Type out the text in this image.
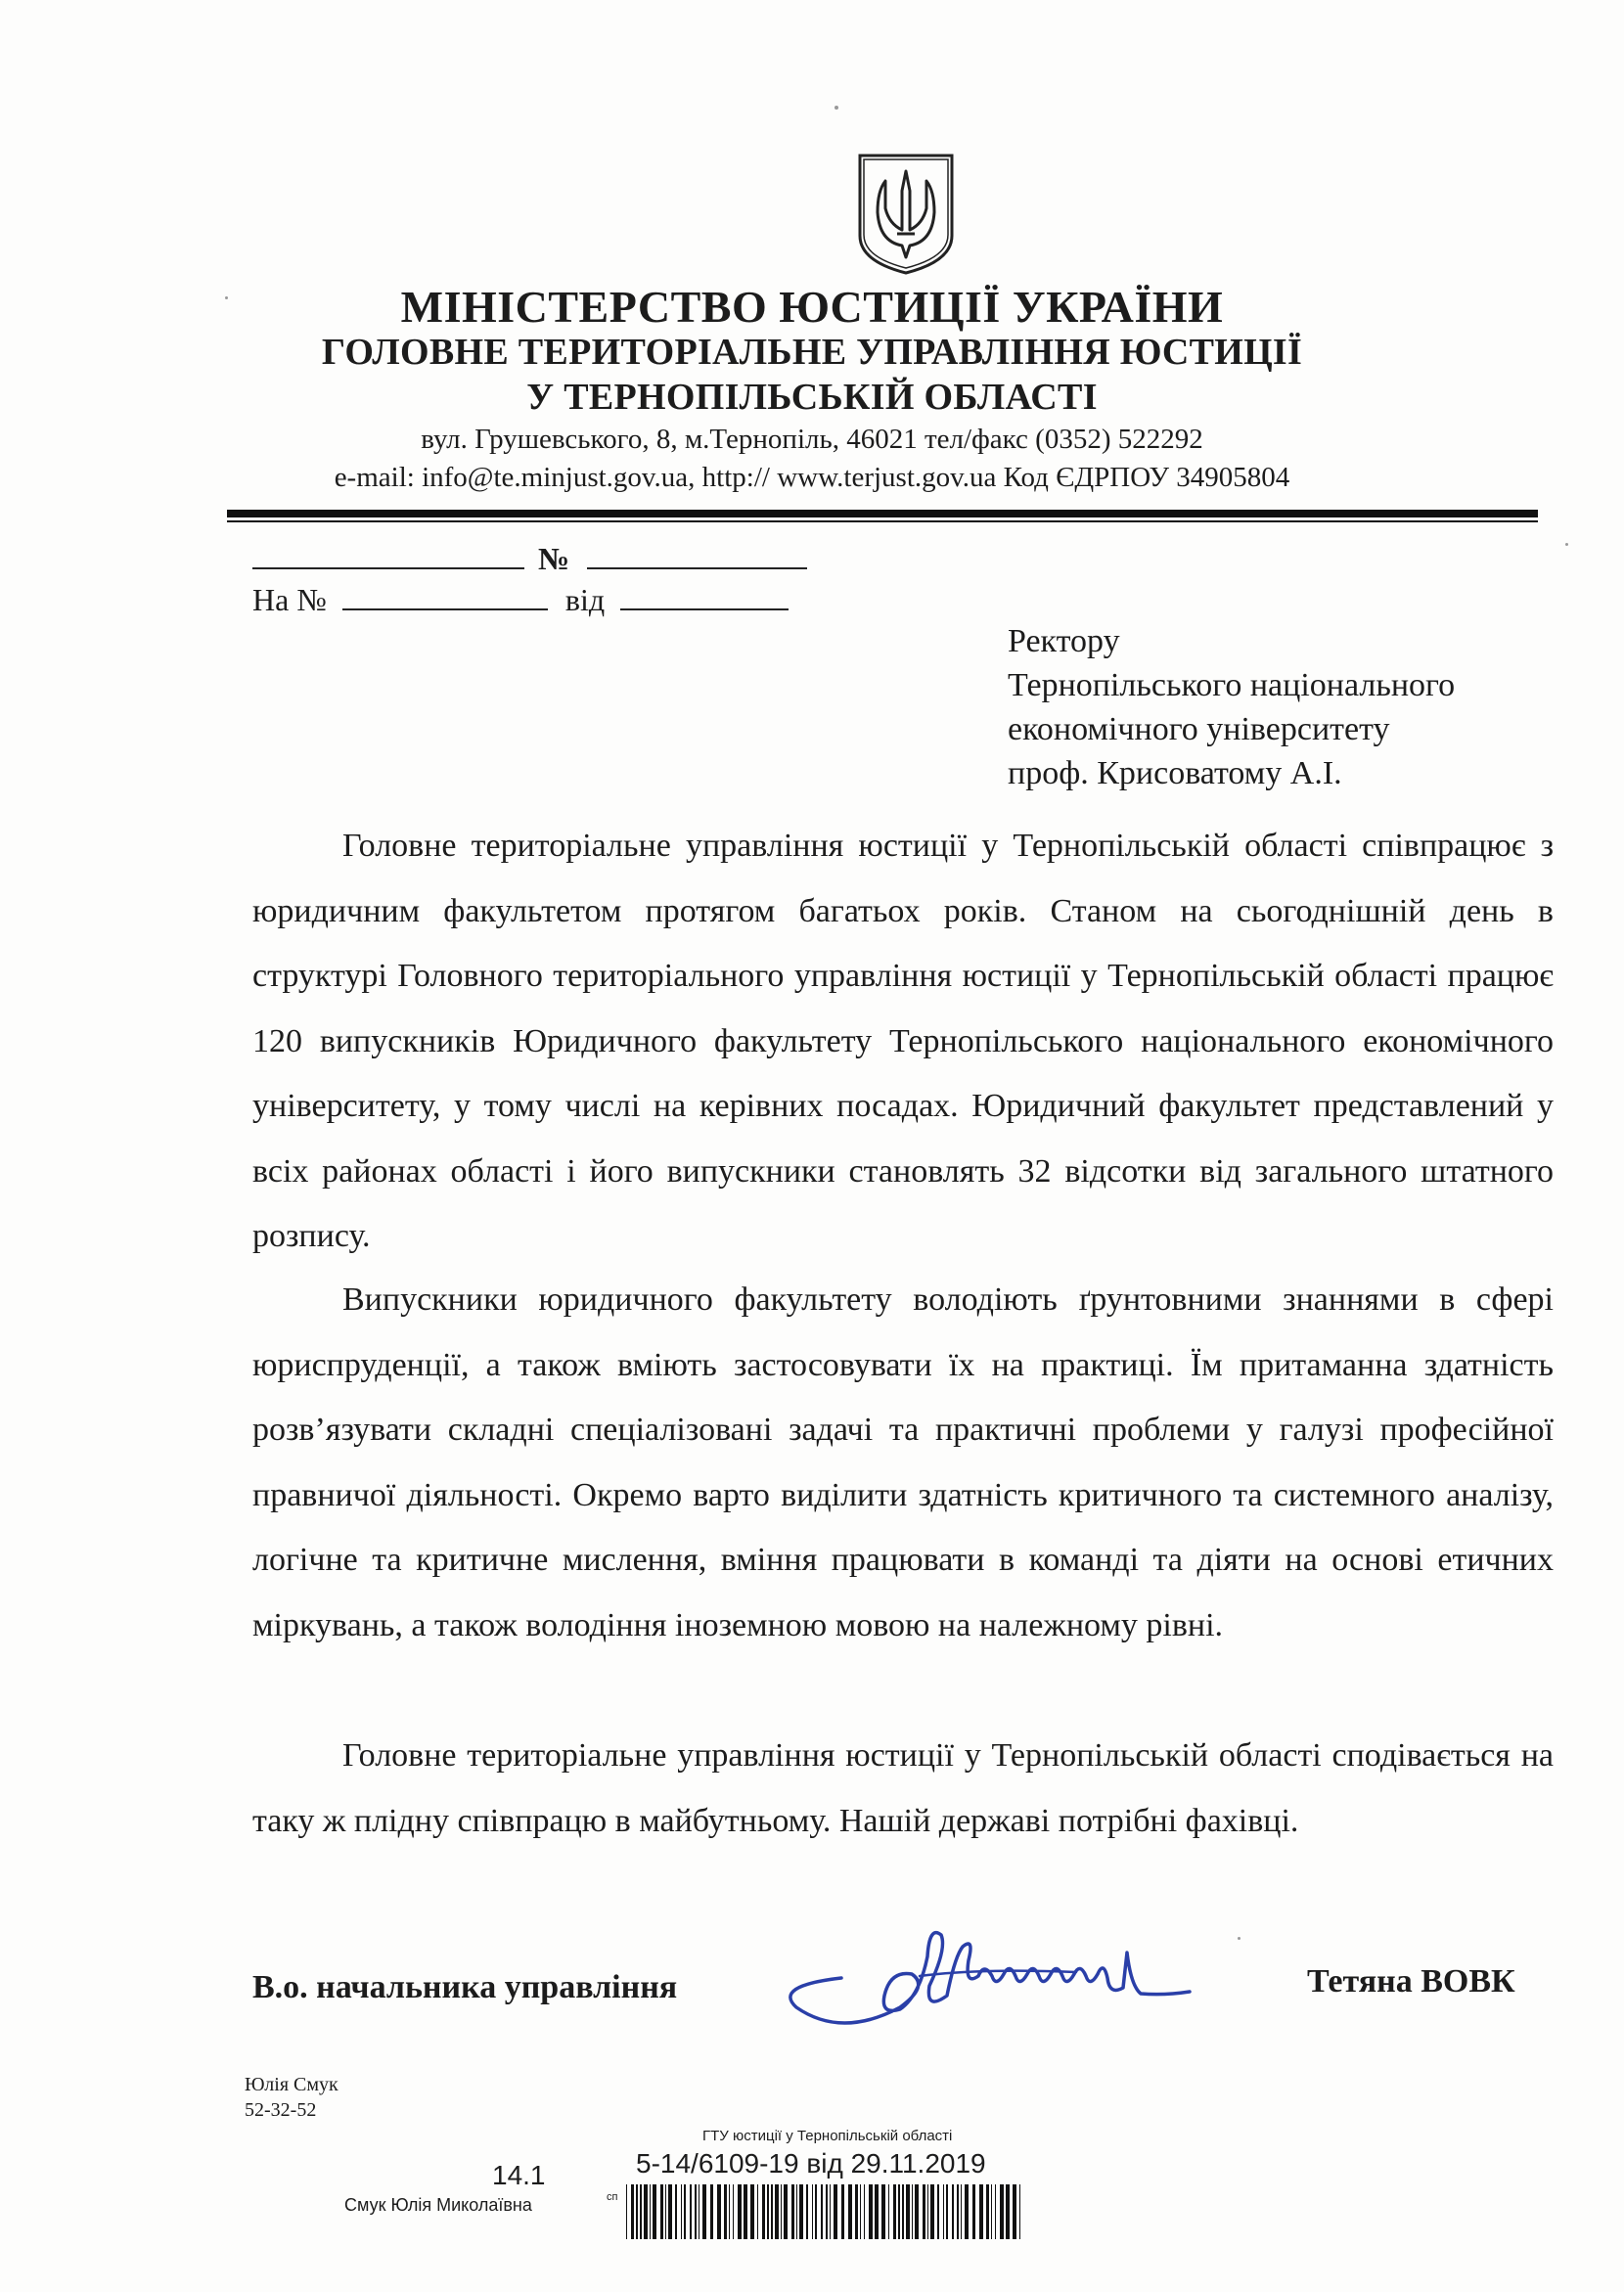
МІНІСТЕРСТВО ЮСТИЦІЇ УКРАЇНИ
ГОЛОВНЕ ТЕРИТОРІАЛЬНЕ УПРАВЛІННЯ ЮСТИЦІЇ
У ТЕРНОПІЛЬСЬКІЙ ОБЛАСТІ
вул. Грушевського, 8, м.Тернопіль, 46021 тел/факс (0352) 522292
e-mail: info@te.minjust.gov.ua, http:// www.terjust.gov.ua Код ЄДРПОУ 34905804
№
На №	від
Ректору
Тернопільського національного
економічного університету
проф. Крисоватому А.І.

Головне територіальне управління юстиції у Тернопільській області співпрацює з юридичним факультетом протягом багатьох років. Станом на сьогоднішній день в структурі Головного територіального управління юстиції у Тернопільській області працює 120 випускників Юридичного факультету Тернопільського національного економічного університету, у тому числі на керівних посадах. Юридичний факультет представлений у всіх районах області і його випускники становлять 32 відсотки від загального штатного розпису.

Випускники юридичного факультету володіють ґрунтовними знаннями в сфері юриспруденції, а також вміють застосовувати їх на практиці. Їм притаманна здатність розв’язувати складні спеціалізовані задачі та практичні проблеми у галузі професійної правничої діяльності. Окремо варто виділити здатність критичного та системного аналізу, логічне та критичне мислення, вміння працювати в команді та діяти на основі етичних міркувань, а також володіння іноземною мовою на належному рівні.

Головне територіальне управління юстиції у Тернопільській області сподівається на таку ж плідну співпрацю в майбутньому. Нашій державі потрібні фахівці.

В.о. начальника управління	Тетяна ВОВК
Юлія Смук
52-32-52
ГТУ юстиції у Тернопільській області
5-14/6109-19 від 29.11.2019
14.1
Смук Юлія Миколаївна	сп
